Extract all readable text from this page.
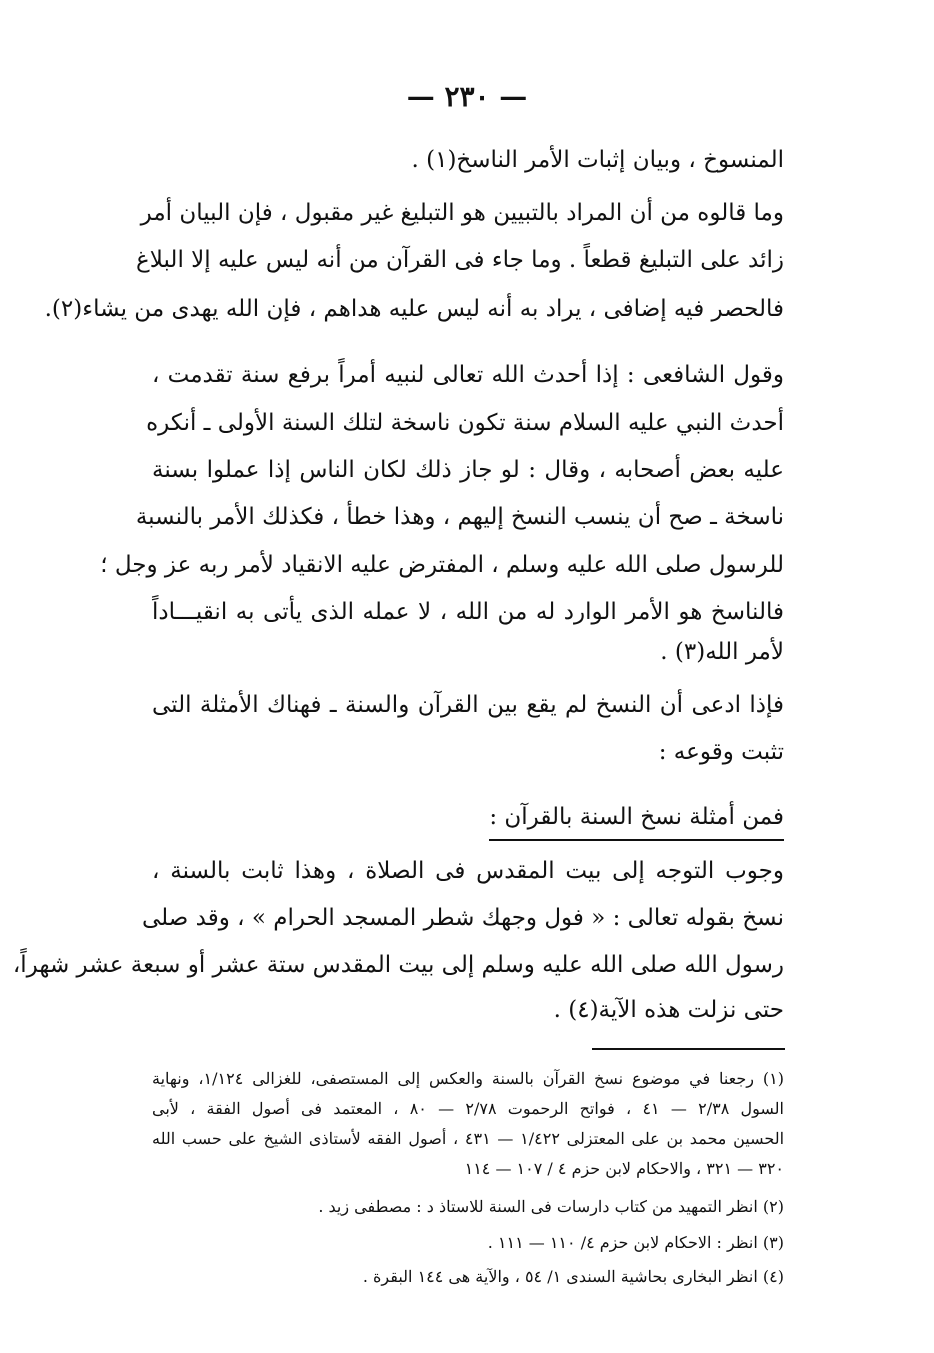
— ٢٣٠ —
المنسوخ ، وبيان إثبات الأمر الناسخ(١) .
وما قالوه من أن المراد بالتبيين هو التبليغ غير مقبول ، فإن البيان أمر
زائد على التبليغ قطعاً . وما جاء فى القرآن من أنه ليس عليه إلا البلاغ
فالحصر فيه إضافى ، يراد به أنه ليس عليه هداهم ، فإن الله يهدى من يشاء(٢).
وقول الشافعى : إذا أحدث الله تعالى لنبيه أمراً برفع سنة تقدمت ،
أحدث النبي عليه السلام سنة تكون ناسخة لتلك السنة الأولى ـ أنكره
عليه بعض أصحابه ، وقال : لو جاز ذلك لكان الناس إذا عملوا بسنة
ناسخة ـ صح أن ينسب النسخ إليهم ، وهذا خطأ ، فكذلك الأمر بالنسبة
للرسول صلى الله عليه وسلم ، المفترض عليه الانقياد لأمر ربه عز وجل ؛
فالناسخ هو الأمر الوارد له من الله ، لا عمله الذى يأتى به انقيـــاداً
لأمر الله(٣) .
فإذا ادعى أن النسخ لم يقع بين القرآن والسنة ـ فهناك الأمثلة التى
تثبت وقوعه :
فمن أمثلة نسخ السنة بالقرآن :
وجوب التوجه إلى بيت المقدس فى الصلاة ، وهذا ثابت بالسنة ،
نسخ بقوله تعالى : « فول وجهك شطر المسجد الحرام » ، وقد صلى
رسول الله صلى الله عليه وسلم إلى بيت المقدس ستة عشر أو سبعة عشر شهراً،
حتى نزلت هذه الآية(٤) .
(١) رجعنا في موضوع نسخ القرآن بالسنة والعكس إلى المستصفى، للغزالى ١/١٢٤، ونهاية
السول ٢/٣٨ — ٤١ ، فواتح الرحموت ٢/٧٨ — ٨٠ ، المعتمد فى أصول الفقة ، لأبى
الحسين محمد بن على المعتزلى ١/٤٢٢ — ٤٣١ ، أصول الفقه لأستاذى الشيخ على حسب الله
٣٢٠ — ٣٢١ ، والاحكام لابن حزم ٤ / ١٠٧ — ١١٤
(٢) انظر التمهيد من كتاب دارسات فى السنة للاستاذ د : مصطفى زيد .
(٣) انظر : الاحكام لابن حزم ٤/ ١١٠ — ١١١ .
(٤) انظر البخارى بحاشية السندى ١/ ٥٤ ، والآية هى ١٤٤ البقرة .
